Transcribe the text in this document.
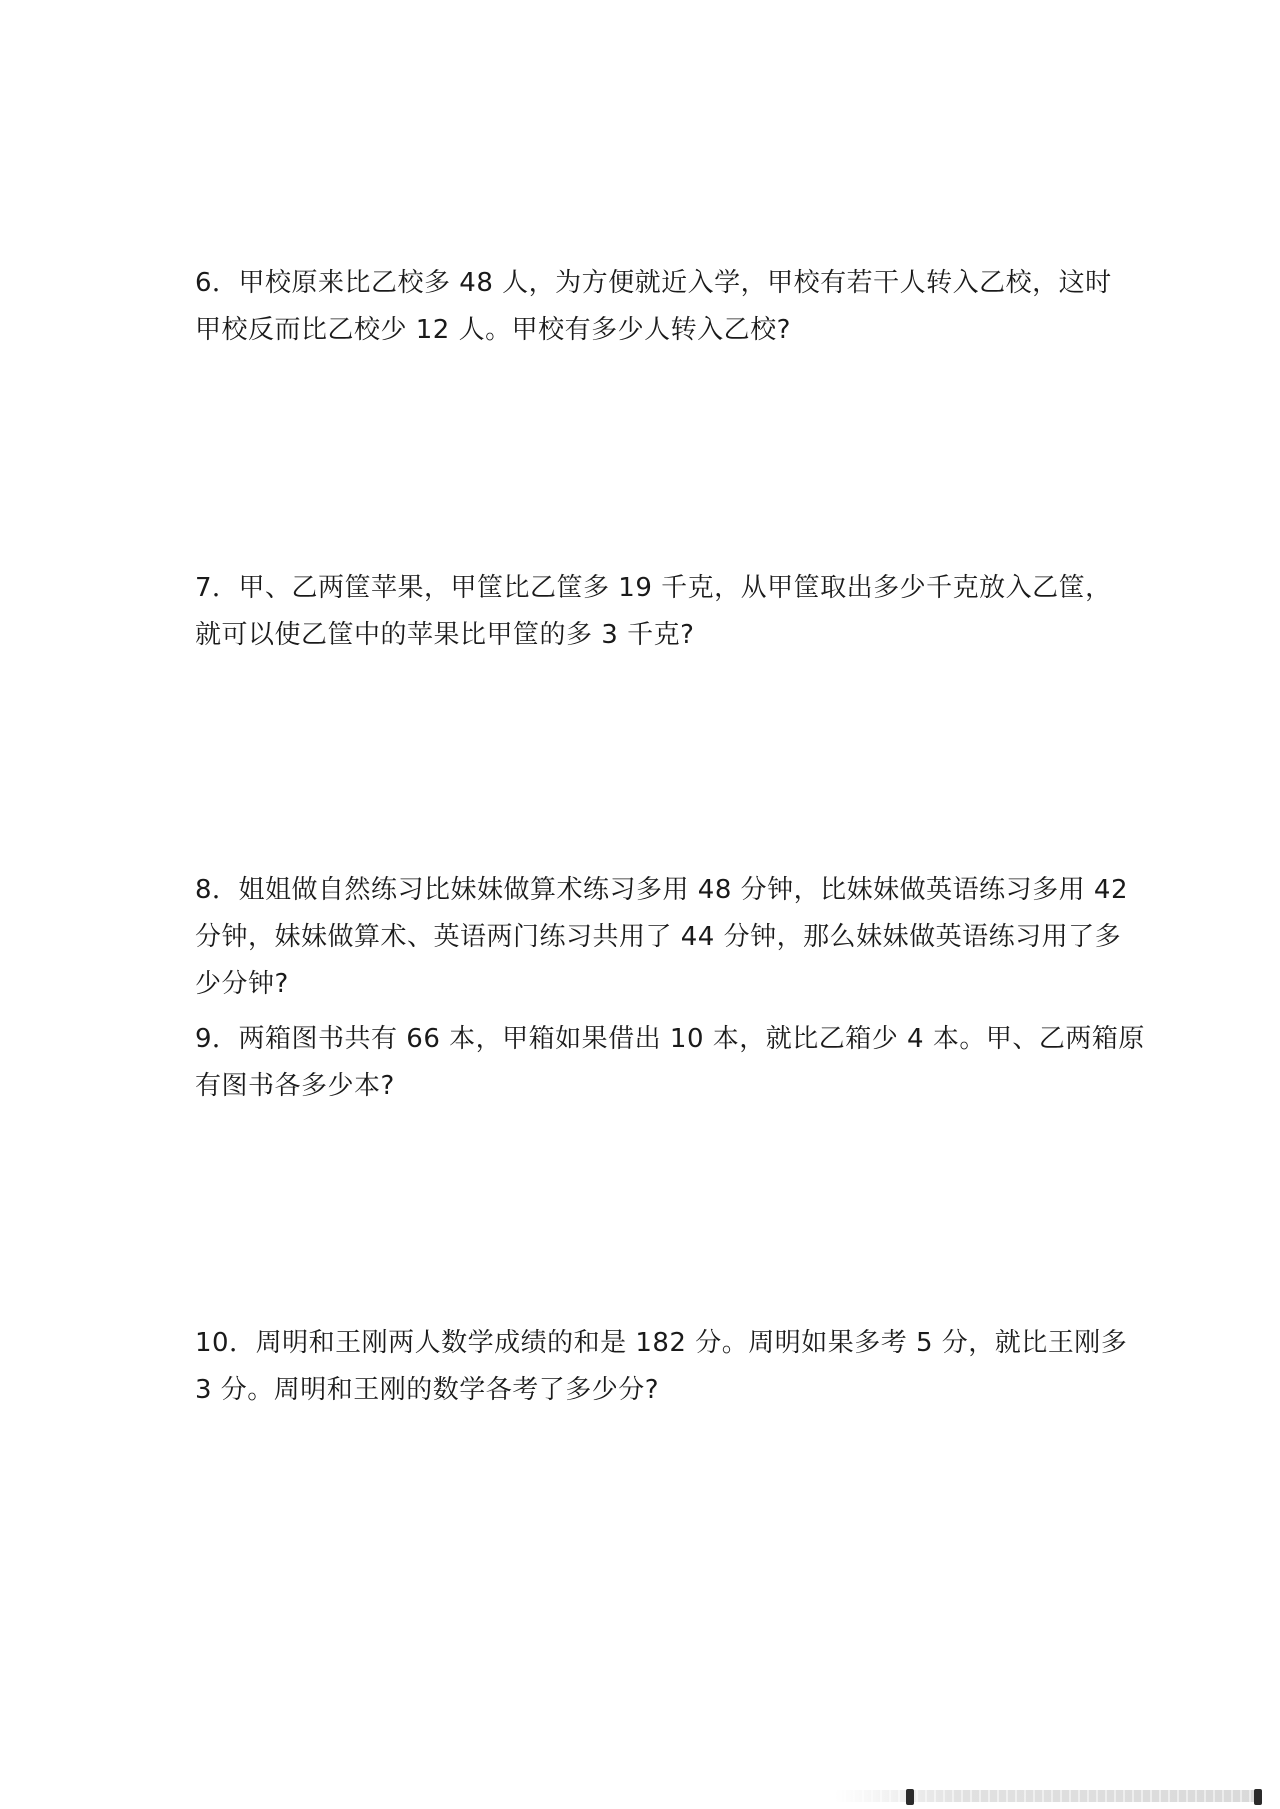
6．甲校原来比乙校多 48 人，为方便就近入学，甲校有若干人转入乙校，这时
甲校反而比乙校少 12 人。甲校有多少人转入乙校?

7．甲、乙两筐苹果，甲筐比乙筐多 19 千克，从甲筐取出多少千克放入乙筐，
就可以使乙筐中的苹果比甲筐的多 3 千克?

8．姐姐做自然练习比妹妹做算术练习多用 48 分钟，比妹妹做英语练习多用 42
分钟，妹妹做算术、英语两门练习共用了 44 分钟，那么妹妹做英语练习用了多
少分钟?

9．两箱图书共有 66 本，甲箱如果借出 10 本，就比乙箱少 4 本。甲、乙两箱原
有图书各多少本?

10．周明和王刚两人数学成绩的和是 182 分。周明如果多考 5 分，就比王刚多
3 分。周明和王刚的数学各考了多少分?
